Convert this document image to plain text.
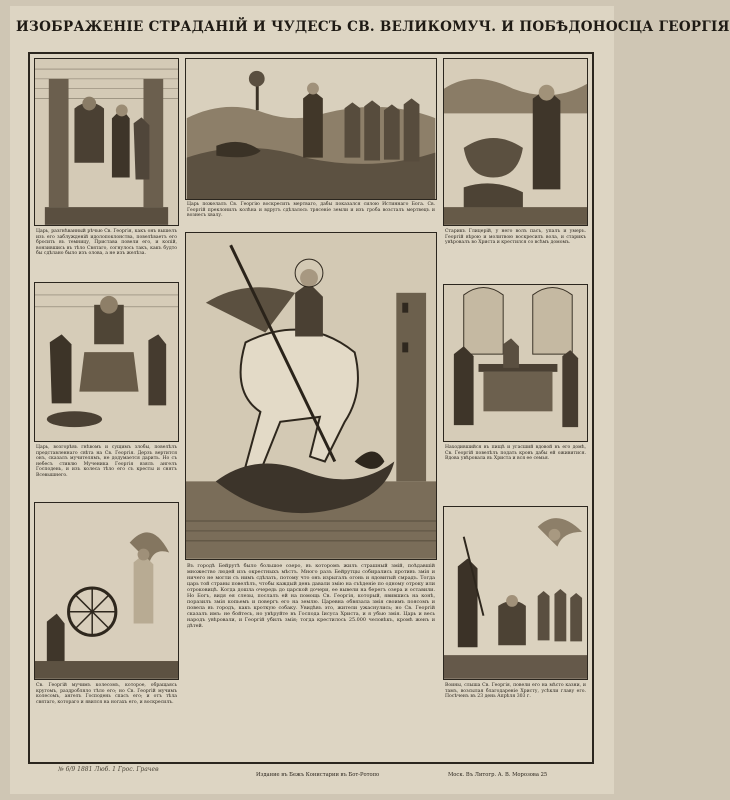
ИЗОБРАЖЕНІЕ СТРАДАНІЙ И ЧУДЕСЪ СВ. ВЕЛИКОМУЧ. И ПОБѢДОНОСЦА ГЕОРГІЯ
Царь, разгнѣванный рѣчью Св. Георгія, какъ онъ вышелъ изъ его заблужденій идолопоклонства, повелѣваетъ его бросить въ темницу, Пристава повели его, и копій, вонзившись въ тѣло Святаго, согнулось такъ, какъ будто бы сдѣлано было изъ олова, а не изъ желѣза.
Царь, возгорѣвъ гнѣвомъ и сущимъ злобы, повелѣлъ представленнаго свѣта на Св. Георгія. Дерзъ вертится онъ, сказалъ мучителямъ, не додумается дарить. Но съ небесъ стивлю Мученика Георгія взялъ ангелъ Господень, и изъ колеса тѣло его съ кресты и снятъ Всевышнего.
Св. Георгій мучимъ колесомъ, которое, обращаясь кругомъ, раздробляло тѣло его; но Св. Георгій мучимъ колесомъ, ангелъ Господень спасъ его; и отъ тѣла святаго, котораго и явился на ногахъ его, и воскресилъ.
Царь пожелалъ Св. Георгію воскресить мертваго, дабы показался силою Истиннаго Бога. Св. Георгій преклонилъ колѣна и вдругъ сдѣлалось трясеніе земли и изъ гроба возсталъ мертвецъ и вознесъ хвалу.
Въ городѣ Бейрутѣ было большое озеро, въ которомъ жилъ страшный змій, поѣдавшій множество людей изъ окрестныхъ мѣстъ. Много разъ Бейрутцы собирались противъ змія и ничего не могли съ нимъ сдѣлать, потому что онъ изрыгалъ огонь и ядовитый смрадъ. Тогда царь той страны повелѣлъ, чтобы каждый день давали змію на съѣденіе по одному отроку или отроковицѣ. Когда дошла очередь до царской дочери, ее вывели на берегъ озера и оставили. Но Богъ, видя ея слезы, послалъ ей на помощь Св. Георгія, который, явившись на конѣ, поразилъ змія копьемъ и повергъ его на землю. Царевна обвязала змія своимъ поясомъ и повела въ городъ, какъ кроткую собаку. Увидѣвъ это, жители ужаснулись; но Св. Георгій сказалъ имъ: не бойтесь, но увѣруйте въ Господа Іисуса Христа, и я убью змія. Царь и весь народъ увѣровали, и Георгій убилъ змія; тогда крестилось 25.000 человѣкъ, кромѣ женъ и дѣтей.
Старикъ Глицерій, у него волъ пасъ, упалъ и умеръ. Георгій вѣрою и молитвою воскресилъ вола, и старикъ увѣровалъ во Христа и крестился со всѣмъ домомъ.
Находившийся въ пищѣ и угасший вдовой въ его домѣ, Св. Георгій повелѣлъ подать кровъ дабы ей оживитися. Вдова увѣровала въ Христа и вся ее семья.
Воины, слыша Св. Георгія, повели его на мѣсто казни, и тамъ, возсылая благодареніе Христу, усѣкли главу его. Посѣченъ въ 23 день Апрѣля 303 г.
№ 6/9 1881 Люб. 1 Грос. Грачев
Издание въ Бежъ Конистарии въ Бот-Ротопо	Моск. Въ Литогр. А. В. Морозова 25
